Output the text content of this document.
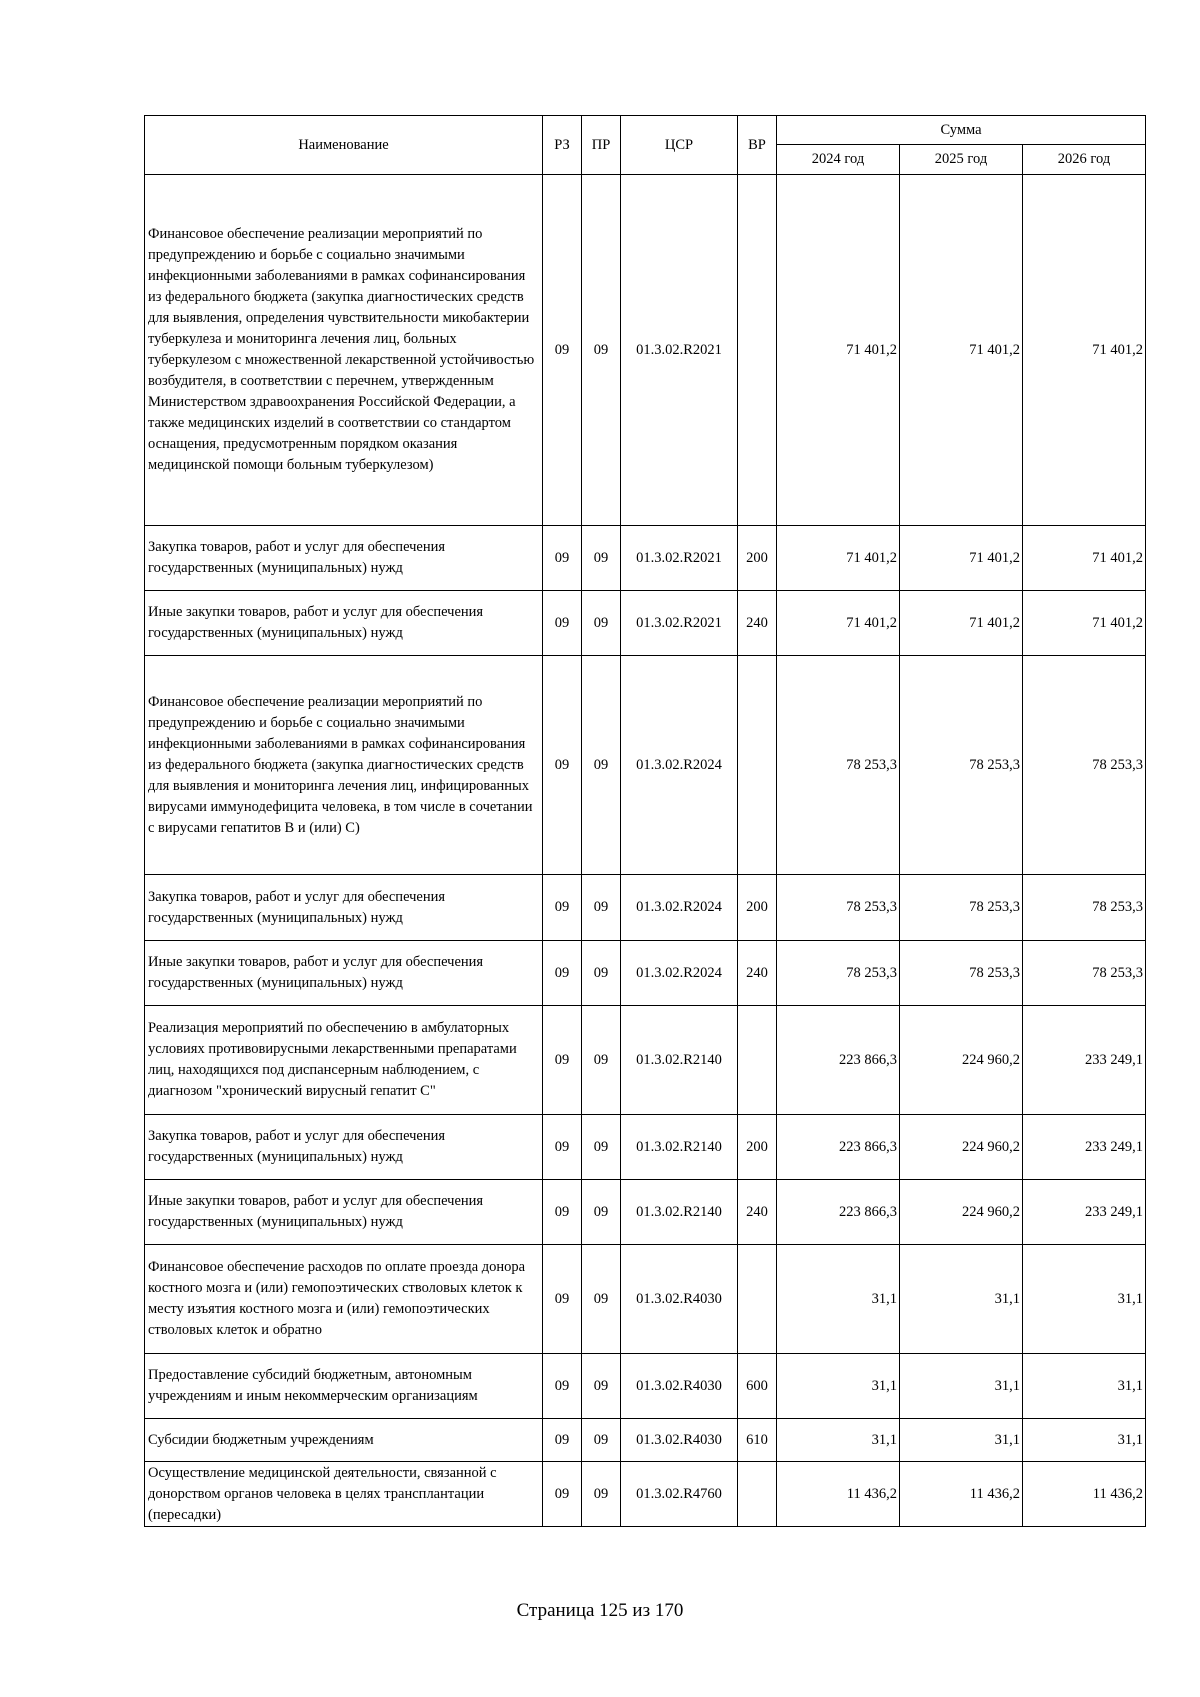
Наименование	РЗ	ПР	ЦСР	ВР	Сумма		
					2024 год	2025 год	2026 год
Финансовое обеспечение реализации мероприятий по предупреждению и борьбе с социально значимыми инфекционными заболеваниями в рамках софинансирования из федерального бюджета (закупка диагностических средств для выявления, определения чувствительности микобактерии туберкулеза и мониторинга лечения лиц, больных туберкулезом с множественной лекарственной устойчивостью возбудителя, в соответствии с перечнем, утвержденным Министерством здравоохранения Российской Федерации, а также медицинских изделий в соответствии со стандартом оснащения, предусмотренным порядком оказания медицинской помощи больным туберкулезом)	09	09	01.3.02.R2021		71 401,2	71 401,2	71 401,2
Закупка товаров, работ и услуг для обеспечения государственных (муниципальных) нужд	09	09	01.3.02.R2021	200	71 401,2	71 401,2	71 401,2
Иные закупки товаров, работ и услуг для обеспечения государственных (муниципальных) нужд	09	09	01.3.02.R2021	240	71 401,2	71 401,2	71 401,2
Финансовое обеспечение реализации мероприятий по предупреждению и борьбе с социально значимыми инфекционными заболеваниями в рамках софинансирования из федерального бюджета (закупка диагностических средств для выявления и мониторинга лечения лиц, инфицированных вирусами иммунодефицита человека, в том числе в сочетании с вирусами гепатитов В и (или) С)	09	09	01.3.02.R2024		78 253,3	78 253,3	78 253,3
Закупка товаров, работ и услуг для обеспечения государственных (муниципальных) нужд	09	09	01.3.02.R2024	200	78 253,3	78 253,3	78 253,3
Иные закупки товаров, работ и услуг для обеспечения государственных (муниципальных) нужд	09	09	01.3.02.R2024	240	78 253,3	78 253,3	78 253,3
Реализация мероприятий по обеспечению в амбулаторных условиях противовирусными лекарственными препаратами лиц, находящихся под диспансерным наблюдением, с диагнозом "хронический вирусный гепатит С"	09	09	01.3.02.R2140		223 866,3	224 960,2	233 249,1
Закупка товаров, работ и услуг для обеспечения государственных (муниципальных) нужд	09	09	01.3.02.R2140	200	223 866,3	224 960,2	233 249,1
Иные закупки товаров, работ и услуг для обеспечения государственных (муниципальных) нужд	09	09	01.3.02.R2140	240	223 866,3	224 960,2	233 249,1
Финансовое обеспечение расходов по оплате проезда донора костного мозга и (или) гемопоэтических стволовых клеток к месту изъятия костного мозга и (или) гемопоэтических стволовых клеток и обратно	09	09	01.3.02.R4030		31,1	31,1	31,1
Предоставление субсидий бюджетным, автономным учреждениям и иным некоммерческим организациям	09	09	01.3.02.R4030	600	31,1	31,1	31,1
Субсидии бюджетным учреждениям	09	09	01.3.02.R4030	610	31,1	31,1	31,1
Осуществление медицинской деятельности, связанной с донорством органов человека в целях трансплантации (пересадки)	09	09	01.3.02.R4760		11 436,2	11 436,2	11 436,2
Страница 125 из 170
